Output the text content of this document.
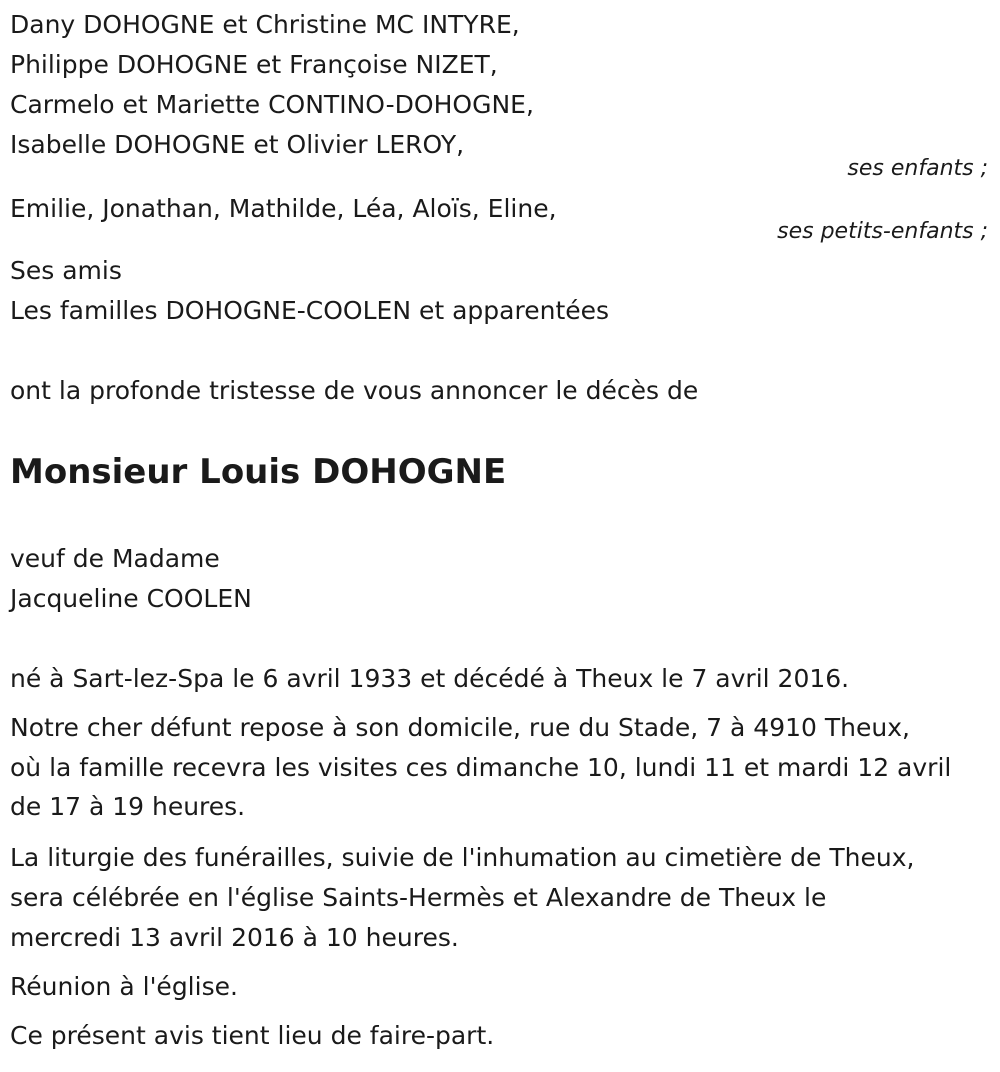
Dany DOHOGNE et Christine MC INTYRE,

Philippe DOHOGNE et Françoise NIZET,

Carmelo et Mariette CONTINO-DOHOGNE,

Isabelle DOHOGNE et Olivier LEROY,

ses enfants ;

Emilie, Jonathan, Mathilde, Léa, Aloïs, Eline,

ses petits-enfants ;

Ses amis

Les familles DOHOGNE-COOLEN et apparentées

ont la profonde tristesse de vous annoncer le décès de

Monsieur Louis DOHOGNE

veuf de Madame

Jacqueline COOLEN

né à Sart-lez-Spa le 6 avril 1933 et décédé à Theux le 7 avril 2016.

Notre cher défunt repose à son domicile, rue du Stade, 7 à 4910 Theux,

où la famille recevra les visites ces dimanche 10, lundi 11 et mardi 12 avril

de 17 à 19 heures.

La liturgie des funérailles, suivie de l'inhumation au cimetière de Theux,

sera célébrée en l'église Saints-Hermès et Alexandre de Theux le

mercredi 13 avril 2016 à 10 heures.

Réunion à l'église.

Ce présent avis tient lieu de faire-part.
